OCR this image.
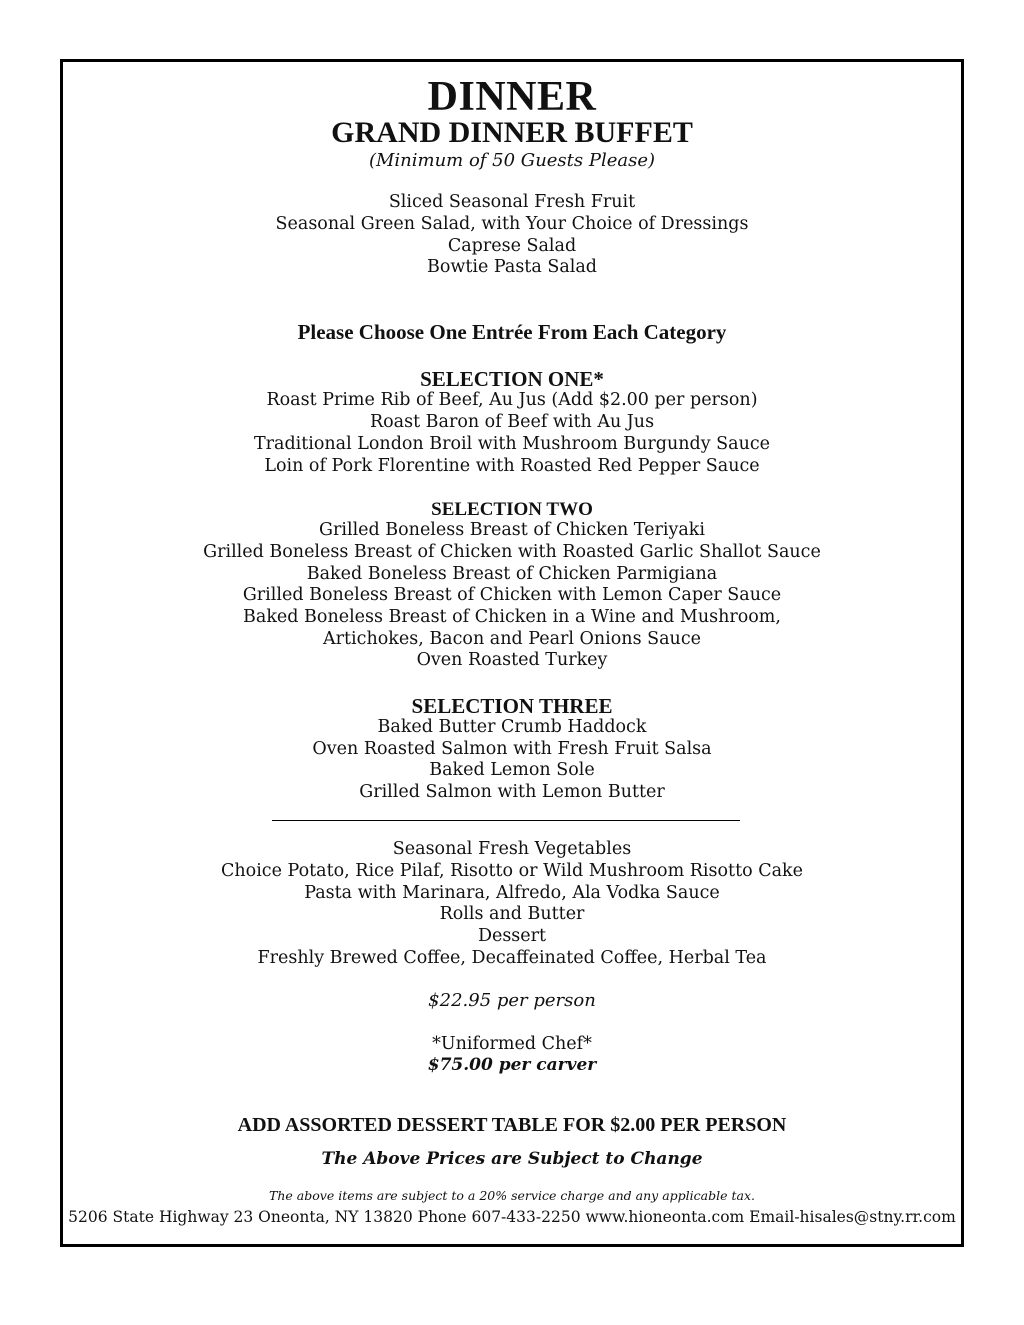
DINNER
GRAND DINNER BUFFET
(Minimum of 50 Guests Please)
Sliced Seasonal Fresh Fruit
Seasonal Green Salad, with Your Choice of Dressings
Caprese Salad
Bowtie Pasta Salad
Please Choose One Entrée From Each Category
SELECTION ONE*
Roast Prime Rib of Beef, Au Jus (Add $2.00 per person)
Roast Baron of Beef with Au Jus
Traditional London Broil with Mushroom Burgundy Sauce
Loin of Pork Florentine with Roasted Red Pepper Sauce
SELECTION TWO
Grilled Boneless Breast of Chicken Teriyaki
Grilled Boneless Breast of Chicken with Roasted Garlic Shallot Sauce
Baked Boneless Breast of Chicken Parmigiana
Grilled Boneless Breast of Chicken with Lemon Caper Sauce
Baked Boneless Breast of Chicken in a Wine and Mushroom,
Artichokes, Bacon and Pearl Onions Sauce
Oven Roasted Turkey
SELECTION THREE
Baked Butter Crumb Haddock
Oven Roasted Salmon with Fresh Fruit Salsa
Baked Lemon Sole
Grilled Salmon with Lemon Butter
Seasonal Fresh Vegetables
Choice Potato, Rice Pilaf, Risotto or Wild Mushroom Risotto Cake
Pasta with Marinara, Alfredo, Ala Vodka Sauce
Rolls and Butter
Dessert
Freshly Brewed Coffee, Decaffeinated Coffee, Herbal Tea
$22.95 per person
*Uniformed Chef*
$75.00 per carver
ADD ASSORTED DESSERT TABLE FOR $2.00 PER PERSON
The Above Prices are Subject to Change
The above items are subject to a 20% service charge and any applicable tax.
5206 State Highway 23 Oneonta, NY 13820 Phone 607-433-2250 www.hioneonta.com Email-hisales@stny.rr.com
